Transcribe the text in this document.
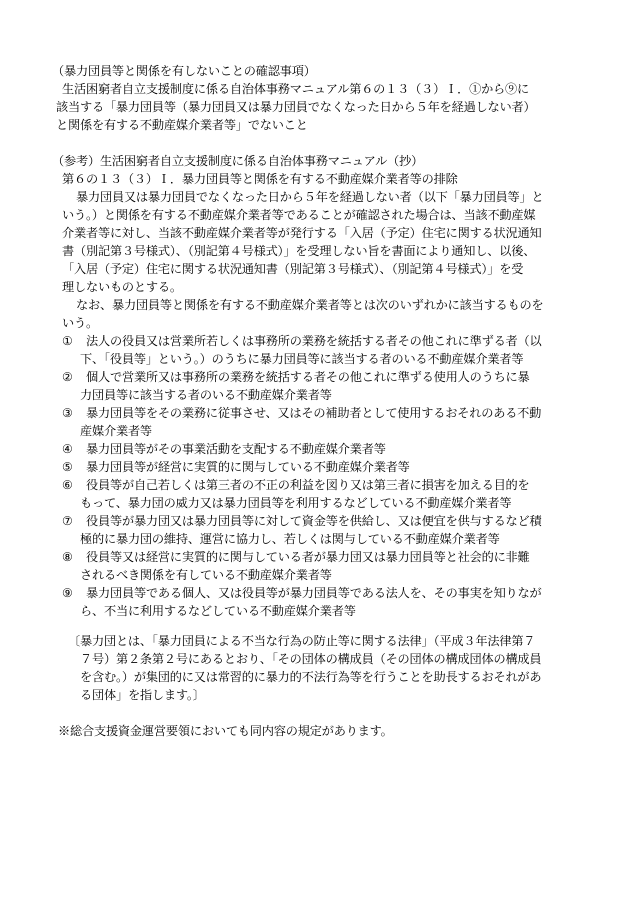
（暴力団員等と関係を有しないことの確認事項）
生活困窮者自立支援制度に係る自治体事務マニュアル第６の１３（３）Ｉ．①から⑨に
該当する「暴力団員等（暴力団員又は暴力団員でなくなった日から５年を経過しない者）
と関係を有する不動産媒介業者等」でないこと
（参考）生活困窮者自立支援制度に係る自治体事務マニュアル（抄）
第６の１３（３）Ｉ．暴力団員等と関係を有する不動産媒介業者等の排除
暴力団員又は暴力団員でなくなった日から５年を経過しない者（以下「暴力団員等」と
いう。）と関係を有する不動産媒介業者等であることが確認された場合は、当該不動産媒
介業者等に対し、当該不動産媒介業者等が発行する「入居（予定）住宅に関する状況通知
書（別記第３号様式）、（別記第４号様式）」を受理しない旨を書面により通知し、以後、
「入居（予定）住宅に関する状況通知書（別記第３号様式）、（別記第４号様式）」を受
理しないものとする。
なお、暴力団員等と関係を有する不動産媒介業者等とは次のいずれかに該当するものを
いう。
① 法人の役員又は営業所若しくは事務所の業務を統括する者その他これに準ずる者（以
下、「役員等」という。）のうちに暴力団員等に該当する者のいる不動産媒介業者等
② 個人で営業所又は事務所の業務を統括する者その他これに準ずる使用人のうちに暴
力団員等に該当する者のいる不動産媒介業者等
③ 暴力団員等をその業務に従事させ、又はその補助者として使用するおそれのある不動
産媒介業者等
④ 暴力団員等がその事業活動を支配する不動産媒介業者等
⑤ 暴力団員等が経営に実質的に関与している不動産媒介業者等
⑥ 役員等が自己若しくは第三者の不正の利益を図り又は第三者に損害を加える目的を
もって、暴力団の威力又は暴力団員等を利用するなどしている不動産媒介業者等
⑦ 役員等が暴力団又は暴力団員等に対して資金等を供給し、又は便宜を供与するなど積
極的に暴力団の維持、運営に協力し、若しくは関与している不動産媒介業者等
⑧ 役員等又は経営に実質的に関与している者が暴力団又は暴力団員等と社会的に非難
されるべき関係を有している不動産媒介業者等
⑨ 暴力団員等である個人、又は役員等が暴力団員等である法人を、その事実を知りなが
ら、不当に利用するなどしている不動産媒介業者等
〔暴力団とは、「暴力団員による不当な行為の防止等に関する法律」（平成３年法律第７
７号）第２条第２号にあるとおり、「その団体の構成員（その団体の構成団体の構成員
を含む。）が集団的に又は常習的に暴力的不法行為等を行うことを助長するおそれがあ
る団体」を指します。〕
※総合支援資金運営要領においても同内容の規定があります。
